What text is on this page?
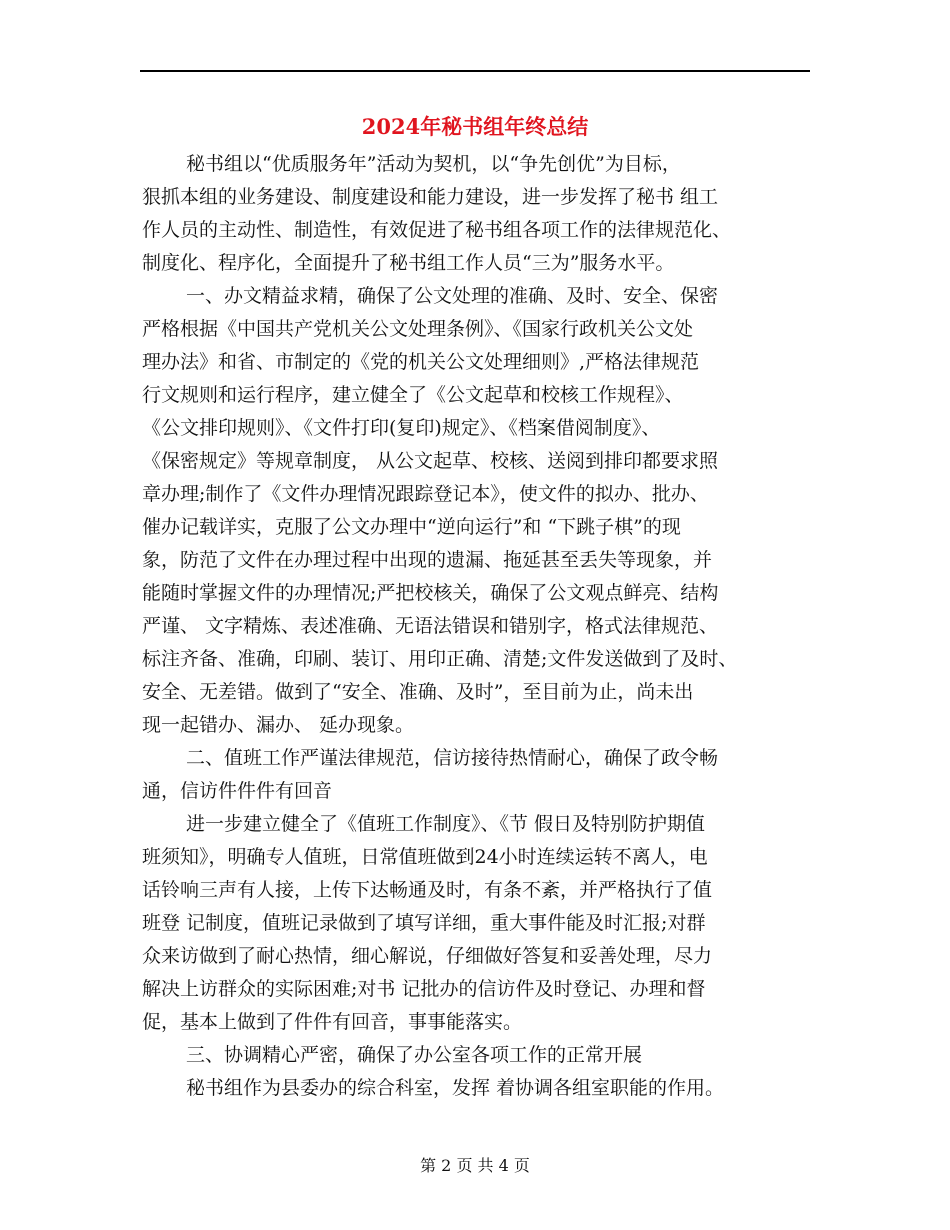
2024年秘书组年终总结
秘书组以“优质服务年”活动为契机，以“争先创优”为目标，
狠抓本组的业务建设、制度建设和能力建设，进一步发挥了秘书 组工
作人员的主动性、制造性，有效促进了秘书组各项工作的法律规范化、
制度化、程序化，全面提升了秘书组工作人员“三为”服务水平。
一、办文精益求精，确保了公文处理的准确、及时、安全、保密
严格根据《中国共产党机关公文处理条例》、《国家行政机关公文处
理办法》和省、市制定的《党的机关公文处理细则》,严格法律规范
行文规则和运行程序，建立健全了《公文起草和校核工作规程》、
《公文排印规则》、《文件打印(复印)规定》、《档案借阅制度》、
《保密规定》等规章制度， 从公文起草、校核、送阅到排印都要求照
章办理;制作了《文件办理情况跟踪登记本》，使文件的拟办、批办、
催办记载详实，克服了公文办理中“逆向运行”和 “下跳子棋”的现
象，防范了文件在办理过程中出现的遗漏、拖延甚至丢失等现象，并
能随时掌握文件的办理情况;严把校核关，确保了公文观点鲜亮、结构
严谨、 文字精炼、表述准确、无语法错误和错别字，格式法律规范、
标注齐备、准确，印刷、装订、用印正确、清楚;文件发送做到了及时、
安全、无差错。做到了“安全、准确、及时”，至目前为止，尚未出
现一起错办、漏办、 延办现象。
二、值班工作严谨法律规范，信访接待热情耐心，确保了政令畅
通，信访件件件有回音
进一步建立健全了《值班工作制度》、《节 假日及特别防护期值
班须知》，明确专人值班，日常值班做到24小时连续运转不离人，电
话铃响三声有人接，上传下达畅通及时，有条不紊，并严格执行了值
班登 记制度，值班记录做到了填写详细，重大事件能及时汇报;对群
众来访做到了耐心热情，细心解说，仔细做好答复和妥善处理，尽力
解决上访群众的实际困难;对书 记批办的信访件及时登记、办理和督
促，基本上做到了件件有回音，事事能落实。
三、协调精心严密，确保了办公室各项工作的正常开展
秘书组作为县委办的综合科室，发挥 着协调各组室职能的作用。
第 2 页 共 4 页
